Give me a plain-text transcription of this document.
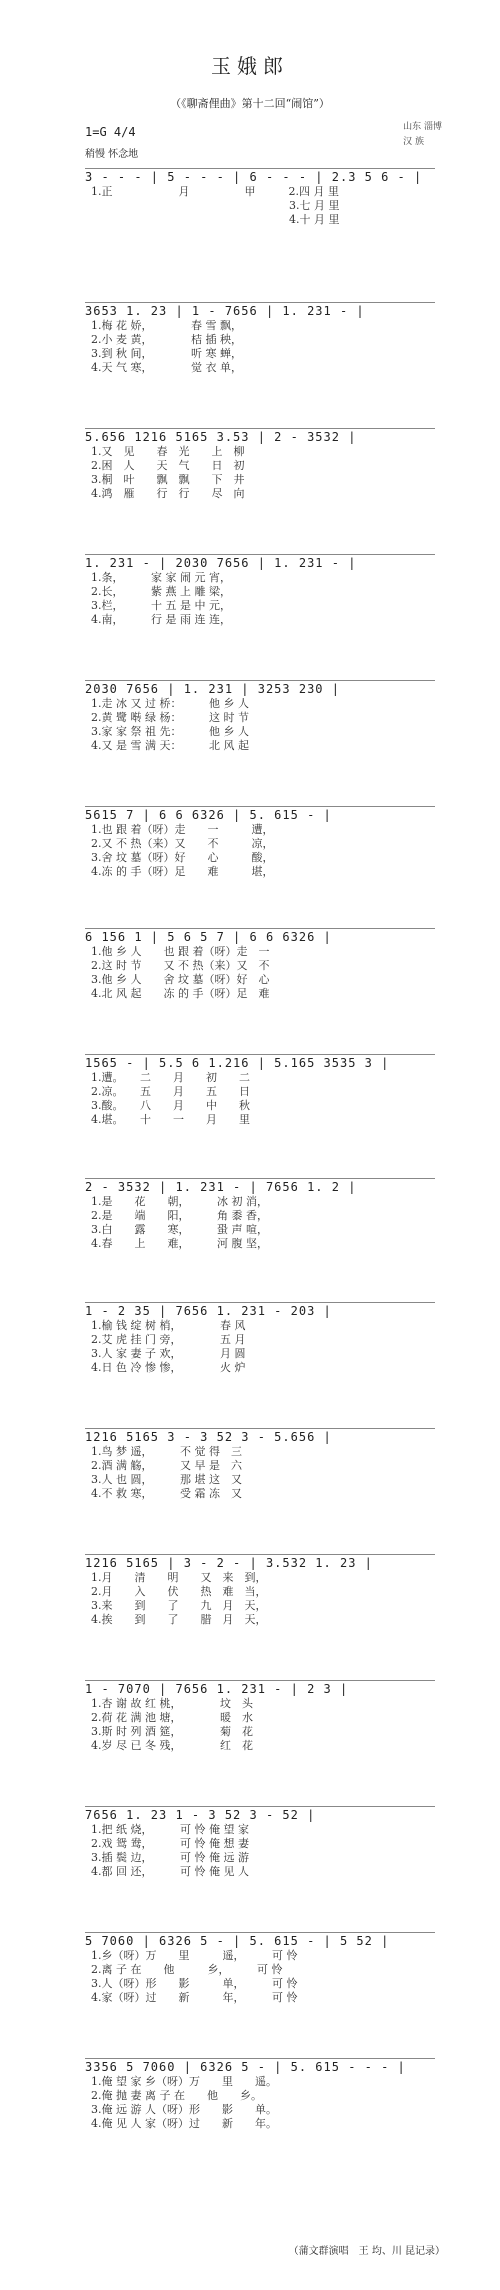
玉娥郎
（《聊斋俚曲》第十二回“闹馆”）
山东 淄博
汉 族
1=G 4/4
稍慢 怀念地
3 - - - | 5 - - - | 6 - - - | 2.3 5 6 - |
1.正　　　　　　月　　　　　甲　　　2.四 月 里
　　　　　　　　　　　　　　　　　　3.七 月 里
　　　　　　　　　　　　　　　　　　4.十 月 里
3653 1. 23 | 1 - 7656 | 1. 231 - |
1.梅 花 娇，　　　　春 雪 飘，
2.小 麦 黄，　　　　桔 插 秧，
3.到 秋 间，　　　　听 寒 蝉，
4.天 气 寒，　　　　觉 衣 单，
5.656 1216 5165 3.53 | 2 - 3532 |
1.又　见　　春　光　　上　柳
2.困　人　　天　气　　日　初
3.桐　叶　　飘　飘　　下　井
4.鸿　雁　　行　行　　尽　向
1. 231 - | 2030 7656 | 1. 231 - |
1.条，　　　家 家 闹 元 宵，
2.长，　　　紫 燕 上 雕 梁，
3.栏，　　　十 五 是 中 元，
4.南，　　　行 是 雨 连 连，
2030 7656 | 1. 231 | 3253 230 |
1.走 冰 又 过 桥：　　　他 乡 人
2.黄 鹭 啭 绿 杨：　　　这 时 节
3.家 家 祭 祖 先：　　　他 乡 人
4.又 是 雪 满 天：　　　北 风 起
5615 7 | 6 6 6326 | 5. 615 - |
1.也 跟 着（呀）走　　一　　　遭，
2.又 不 热（来）又　　不　　　凉，
3.舍 坟 墓（呀）好　　心　　　酸，
4.冻 的 手（呀）足　　难　　　堪，
6 156 1 | 5 6 5 7 | 6 6 6326 |
1.他 乡 人　　也 跟 着（呀）走　一
2.这 时 节　　又 不 热（来）又　不
3.他 乡 人　　舍 坟 墓（呀）好　心
4.北 风 起　　冻 的 手（呀）足　难
1565 - | 5.5 6 1.216 | 5.165 3535 3 |
1.遭。　　二　　月　　初　　二
2.凉。　　五　　月　　五　　日
3.酸。　　八　　月　　中　　秋
4.堪。　　十　　一　　月　　里
2 - 3532 | 1. 231 - | 7656 1. 2 |
1.是　　花　　朝，　　　冰 初 消，
2.是　　端　　阳，　　　角 黍 香，
3.白　　露　　寒，　　　蛩 声 喧，
4.春　　上　　难，　　　河 腹 坚，
1 - 2 35 | 7656 1. 231 - 203 |
1.榆 钱 绽 树 梢，　　　　春 风
2.艾 虎 挂 门 旁，　　　　五 月
3.人 家 妻 子 欢，　　　　月 圆
4.日 色 冷 惨 惨，　　　　火 炉
1216 5165 3 - 3 52 3 - 5.656 |
1.鸟 梦 遥，　　　不 觉 得　三
2.酒 满 觞，　　　又 早 是　六
3.人 也 圆，　　　那 堪 这　又
4.不 救 寒，　　　受 霜 冻　又
1216 5165 | 3 - 2 - | 3.532 1. 23 |
1.月　　清　　明　　又　来　到，
2.月　　入　　伏　　热　难　当，
3.来　　到　　了　　九　月　天，
4.挨　　到　　了　　腊　月　天，
1 - 7070 | 7656 1. 231 - | 2 3 |
1.杏 谢 故 红 桃，　　　　坟　头
2.荷 花 满 池 塘，　　　　暖　水
3.斯 时 列 酒 筵，　　　　菊　花
4.岁 尽 已 冬 残，　　　　红　花
7656 1. 23 1 - 3 52 3 - 52 |
1.把 纸 烧，　　　可 怜 俺 望 家
2.戏 鸳 鸯，　　　可 怜 俺 想 妻
3.插 鬓 边，　　　可 怜 俺 远 游
4.都 回 还，　　　可 怜 俺 见 人
5 7060 | 6326 5 - | 5. 615 - | 5 52 |
1.乡（呀）万　　里　　　遥，　　　可 怜
2.离 子 在　　他　　　乡，　　　可 怜
3.人（呀）形　　影　　　单，　　　可 怜
4.家（呀）过　　新　　　年，　　　可 怜
3356 5 7060 | 6326 5 - | 5. 615 - - - |
1.俺 望 家 乡（呀）万　　里　　遥。
2.俺 抛 妻 离 子 在　　他　　乡。
3.俺 远 游 人（呀）形　　影　　单。
4.俺 见 人 家（呀）过　　新　　年。
（蒲文群演唱　王 均、川 昆记录）
